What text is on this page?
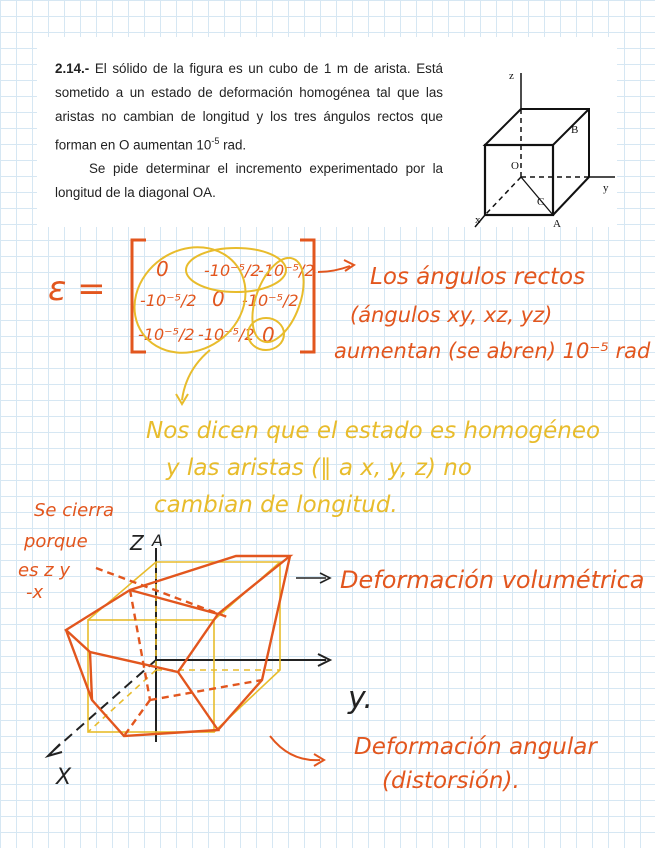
2.14.- El sólido de la figura es un cubo de 1 m de arista. Está sometido a un estado de deformación homogénea tal que las aristas no cambian de longitud y los tres ángulos rectos que forman en O aumentan $10^{-5}$ rad.

Se pide determinar el incremento experimentado por la longitud de la diagonal OA.

z
y
x
O
A
B
C
ε =	0 -10⁻⁵/2
-10⁻⁵/2
-10⁻⁵/2 0 -10⁻⁵/2
-10⁻⁵/2 -10⁻⁵/2 0
Los ángulos rectos
(ángulos xy, xz, yz)
aumentan (se abren) 10⁻⁵ rad
Nos dicen que el estado es homogéneo
y las aristas (∥ a x, y, z) no
cambian de longitud.
Se cierra
porque
es z y
-x
Z A
y.
X
Deformación volumétrica
Deformación angular
(distorsión).
